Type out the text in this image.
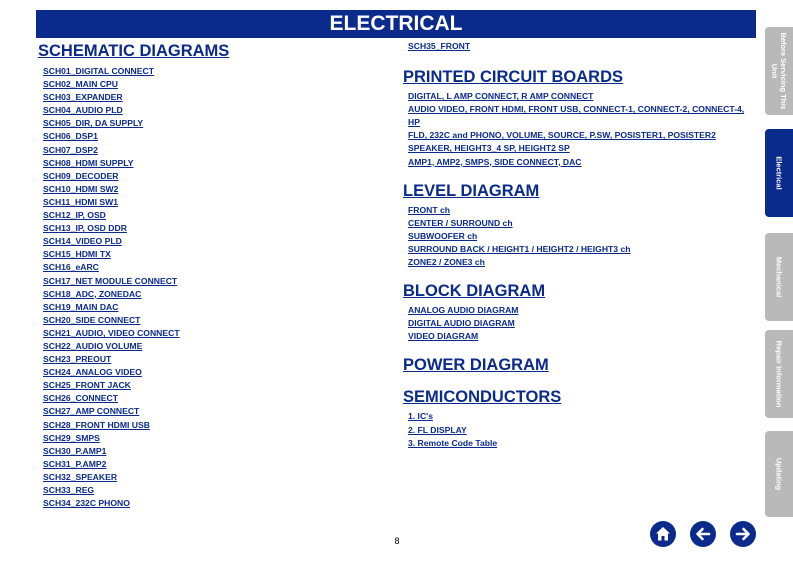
ELECTRICAL
SCHEMATIC DIAGRAMS
SCH01_DIGITAL CONNECT
SCH02_MAIN CPU
SCH03_EXPANDER
SCH04_AUDIO PLD
SCH05_DIR, DA SUPPLY
SCH06_DSP1
SCH07_DSP2
SCH08_HDMI SUPPLY
SCH09_DECODER
SCH10_HDMI SW2
SCH11_HDMI SW1
SCH12_IP, OSD
SCH13_IP, OSD DDR
SCH14_VIDEO PLD
SCH15_HDMI TX
SCH16_eARC
SCH17_NET MODULE CONNECT
SCH18_ADC, ZONEDAC
SCH19_MAIN DAC
SCH20_SIDE CONNECT
SCH21_AUDIO, VIDEO CONNECT
SCH22_AUDIO VOLUME
SCH23_PREOUT
SCH24_ANALOG VIDEO
SCH25_FRONT JACK
SCH26_CONNECT
SCH27_AMP CONNECT
SCH28_FRONT HDMI USB
SCH29_SMPS
SCH30_P.AMP1
SCH31_P.AMP2
SCH32_SPEAKER
SCH33_REG
SCH34_232C PHONO
SCH35_FRONT
PRINTED CIRCUIT BOARDS
DIGITAL, L AMP CONNECT, R AMP CONNECT
AUDIO VIDEO, FRONT HDMI, FRONT USB, CONNECT-1, CONNECT-2, CONNECT-4, HP
FLD, 232C and PHONO, VOLUME, SOURCE, P.SW, POSISTER1, POSISTER2
SPEAKER, HEIGHT3_4 SP, HEIGHT2 SP
AMP1, AMP2, SMPS, SIDE CONNECT, DAC
LEVEL DIAGRAM
FRONT ch
CENTER / SURROUND ch
SUBWOOFER ch
SURROUND BACK / HEIGHT1 / HEIGHT2 / HEIGHT3 ch
ZONE2 / ZONE3 ch
BLOCK DIAGRAM
ANALOG AUDIO DIAGRAM
DIGITAL AUDIO DIAGRAM
VIDEO DIAGRAM
POWER DIAGRAM
SEMICONDUCTORS
1. IC's
2. FL DISPLAY
3. Remote Code Table
Before Servicing This Unit
Electrical
Mechanical
Repair Information
Updating
8
